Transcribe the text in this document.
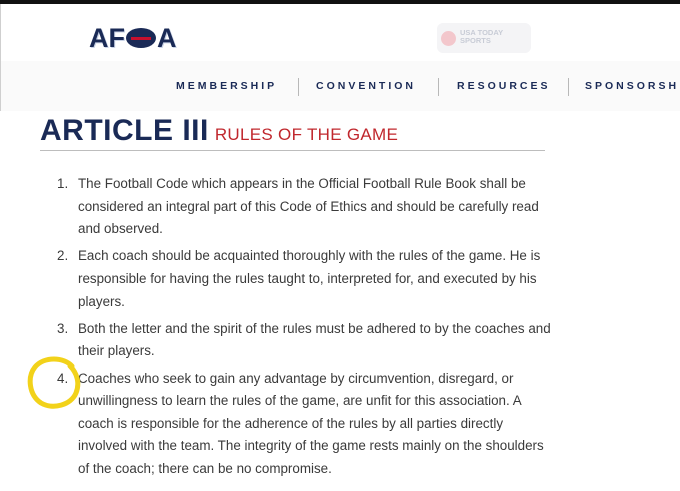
AF A	USA TODAY
SPORTS
MEMBERSHIP	CONVENTION	RESOURCES	SPONSORSH
ARTICLE III RULES OF THE GAME
1. The Football Code which appears in the Official Football Rule Book shall be considered an integral part of this Code of Ethics and should be carefully read and observed.
2. Each coach should be acquainted thoroughly with the rules of the game. He is responsible for having the rules taught to, interpreted for, and executed by his players.
3. Both the letter and the spirit of the rules must be adhered to by the coaches and their players.
4. Coaches who seek to gain any advantage by circumvention, disregard, or unwillingness to learn the rules of the game, are unfit for this association. A coach is responsible for the adherence of the rules by all parties directly involved with the team. The integrity of the game rests mainly on the shoulders of the coach; there can be no compromise.
